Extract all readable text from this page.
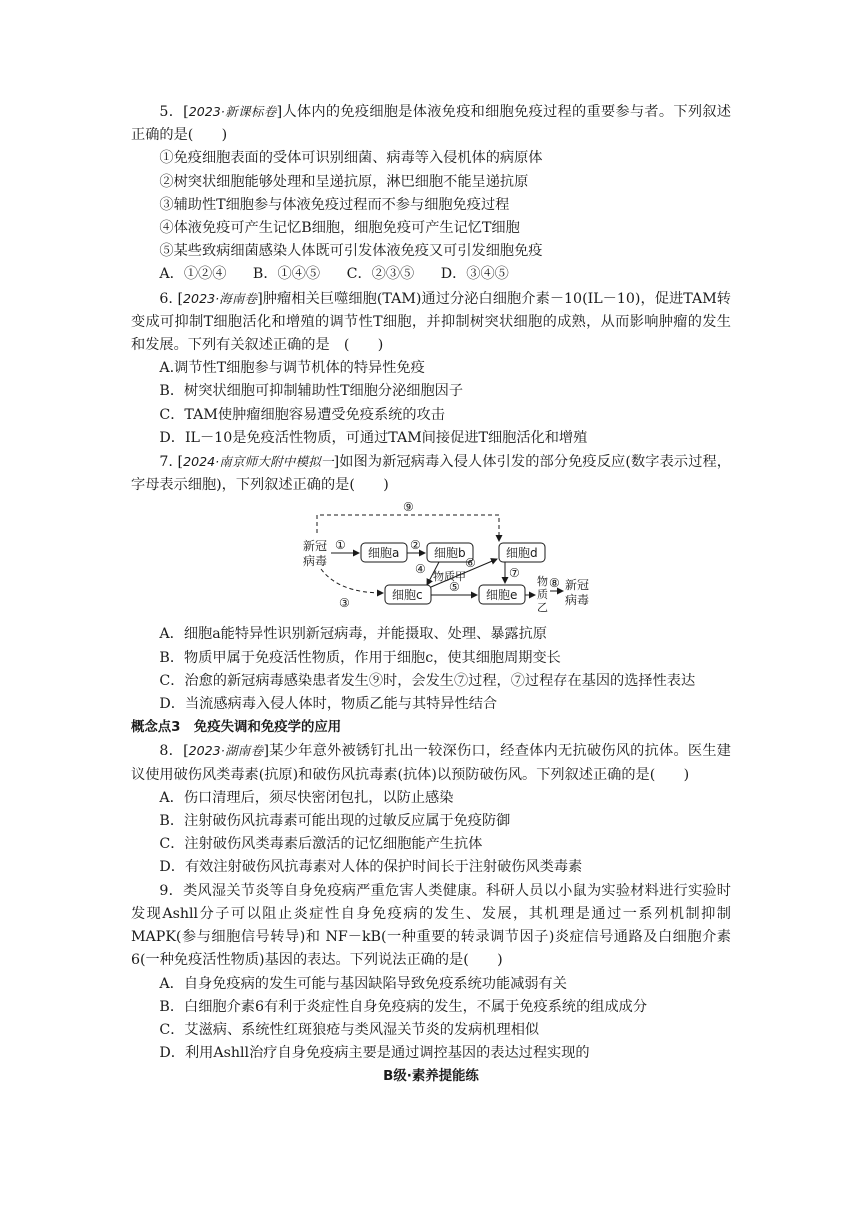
5．[2023·新课标卷]人体内的免疫细胞是体液免疫和细胞免疫过程的重要参与者。下列叙述正确的是(　　)

①免疫细胞表面的受体可识别细菌、病毒等入侵机体的病原体

②树突状细胞能够处理和呈递抗原，淋巴细胞不能呈递抗原

③辅助性T细胞参与体液免疫过程而不参与细胞免疫过程

④体液免疫可产生记忆B细胞，细胞免疫可产生记忆T细胞

⑤某些致病细菌感染人体既可引发体液免疫又可引发细胞免疫

A．①②④ B．①④⑤ C．②③⑤ D．③④⑤

6. [2023·海南卷]肿瘤相关巨噬细胞(TAM)通过分泌白细胞介素－10(IL－10)，促进TAM转变成可抑制T细胞活化和增殖的调节性T细胞，并抑制树突状细胞的成熟，从而影响肿瘤的发生和发展。下列有关叙述正确的是　(　　)

A.调节性T细胞参与调节机体的特异性免疫

B．树突状细胞可抑制辅助性T细胞分泌细胞因子

C．TAM使肿瘤细胞容易遭受免疫系统的攻击

D．IL－10是免疫活性物质，可通过TAM间接促进T细胞活化和增殖

7. [2024·南京师大附中模拟一]如图为新冠病毒入侵人体引发的部分免疫反应(数字表示过程，字母表示细胞)，下列叙述正确的是(　　)

⑨
新冠
病毒
①
细胞a
②
细胞b
④
物质甲
③
细胞c
⑥
⑤
细胞d
⑦
细胞e
物
质
乙
⑧ 新冠
病毒

A．细胞a能特异性识别新冠病毒，并能摄取、处理、暴露抗原

B．物质甲属于免疫活性物质，作用于细胞c，使其细胞周期变长

C．治愈的新冠病毒感染患者发生⑨时，会发生⑦过程，⑦过程存在基因的选择性表达

D．当流感病毒入侵人体时，物质乙能与其特异性结合

概念点3　免疫失调和免疫学的应用

8．[2023·湖南卷]某少年意外被锈钉扎出一较深伤口，经查体内无抗破伤风的抗体。医生建议使用破伤风类毒素(抗原)和破伤风抗毒素(抗体)以预防破伤风。下列叙述正确的是(　　)

A．伤口清理后，须尽快密闭包扎，以防止感染

B．注射破伤风抗毒素可能出现的过敏反应属于免疫防御

C．注射破伤风类毒素后激活的记忆细胞能产生抗体

D．有效注射破伤风抗毒素对人体的保护时间长于注射破伤风类毒素

9．类风湿关节炎等自身免疫病严重危害人类健康。科研人员以小鼠为实验材料进行实验时发现Ashll分子可以阻止炎症性自身免疫病的发生、发展，其机理是通过一系列机制抑制 MAPK(参与细胞信号转导)和 NF－kB(一种重要的转录调节因子)炎症信号通路及白细胞介素6(一种免疫活性物质)基因的表达。下列说法正确的是(　　)

A．自身免疫病的发生可能与基因缺陷导致免疫系统功能减弱有关

B．白细胞介素6有利于炎症性自身免疫病的发生，不属于免疫系统的组成成分

C．艾滋病、系统性红斑狼疮与类风湿关节炎的发病机理相似

D．利用Ashll治疗自身免疫病主要是通过调控基因的表达过程实现的

B级·素养提能练
